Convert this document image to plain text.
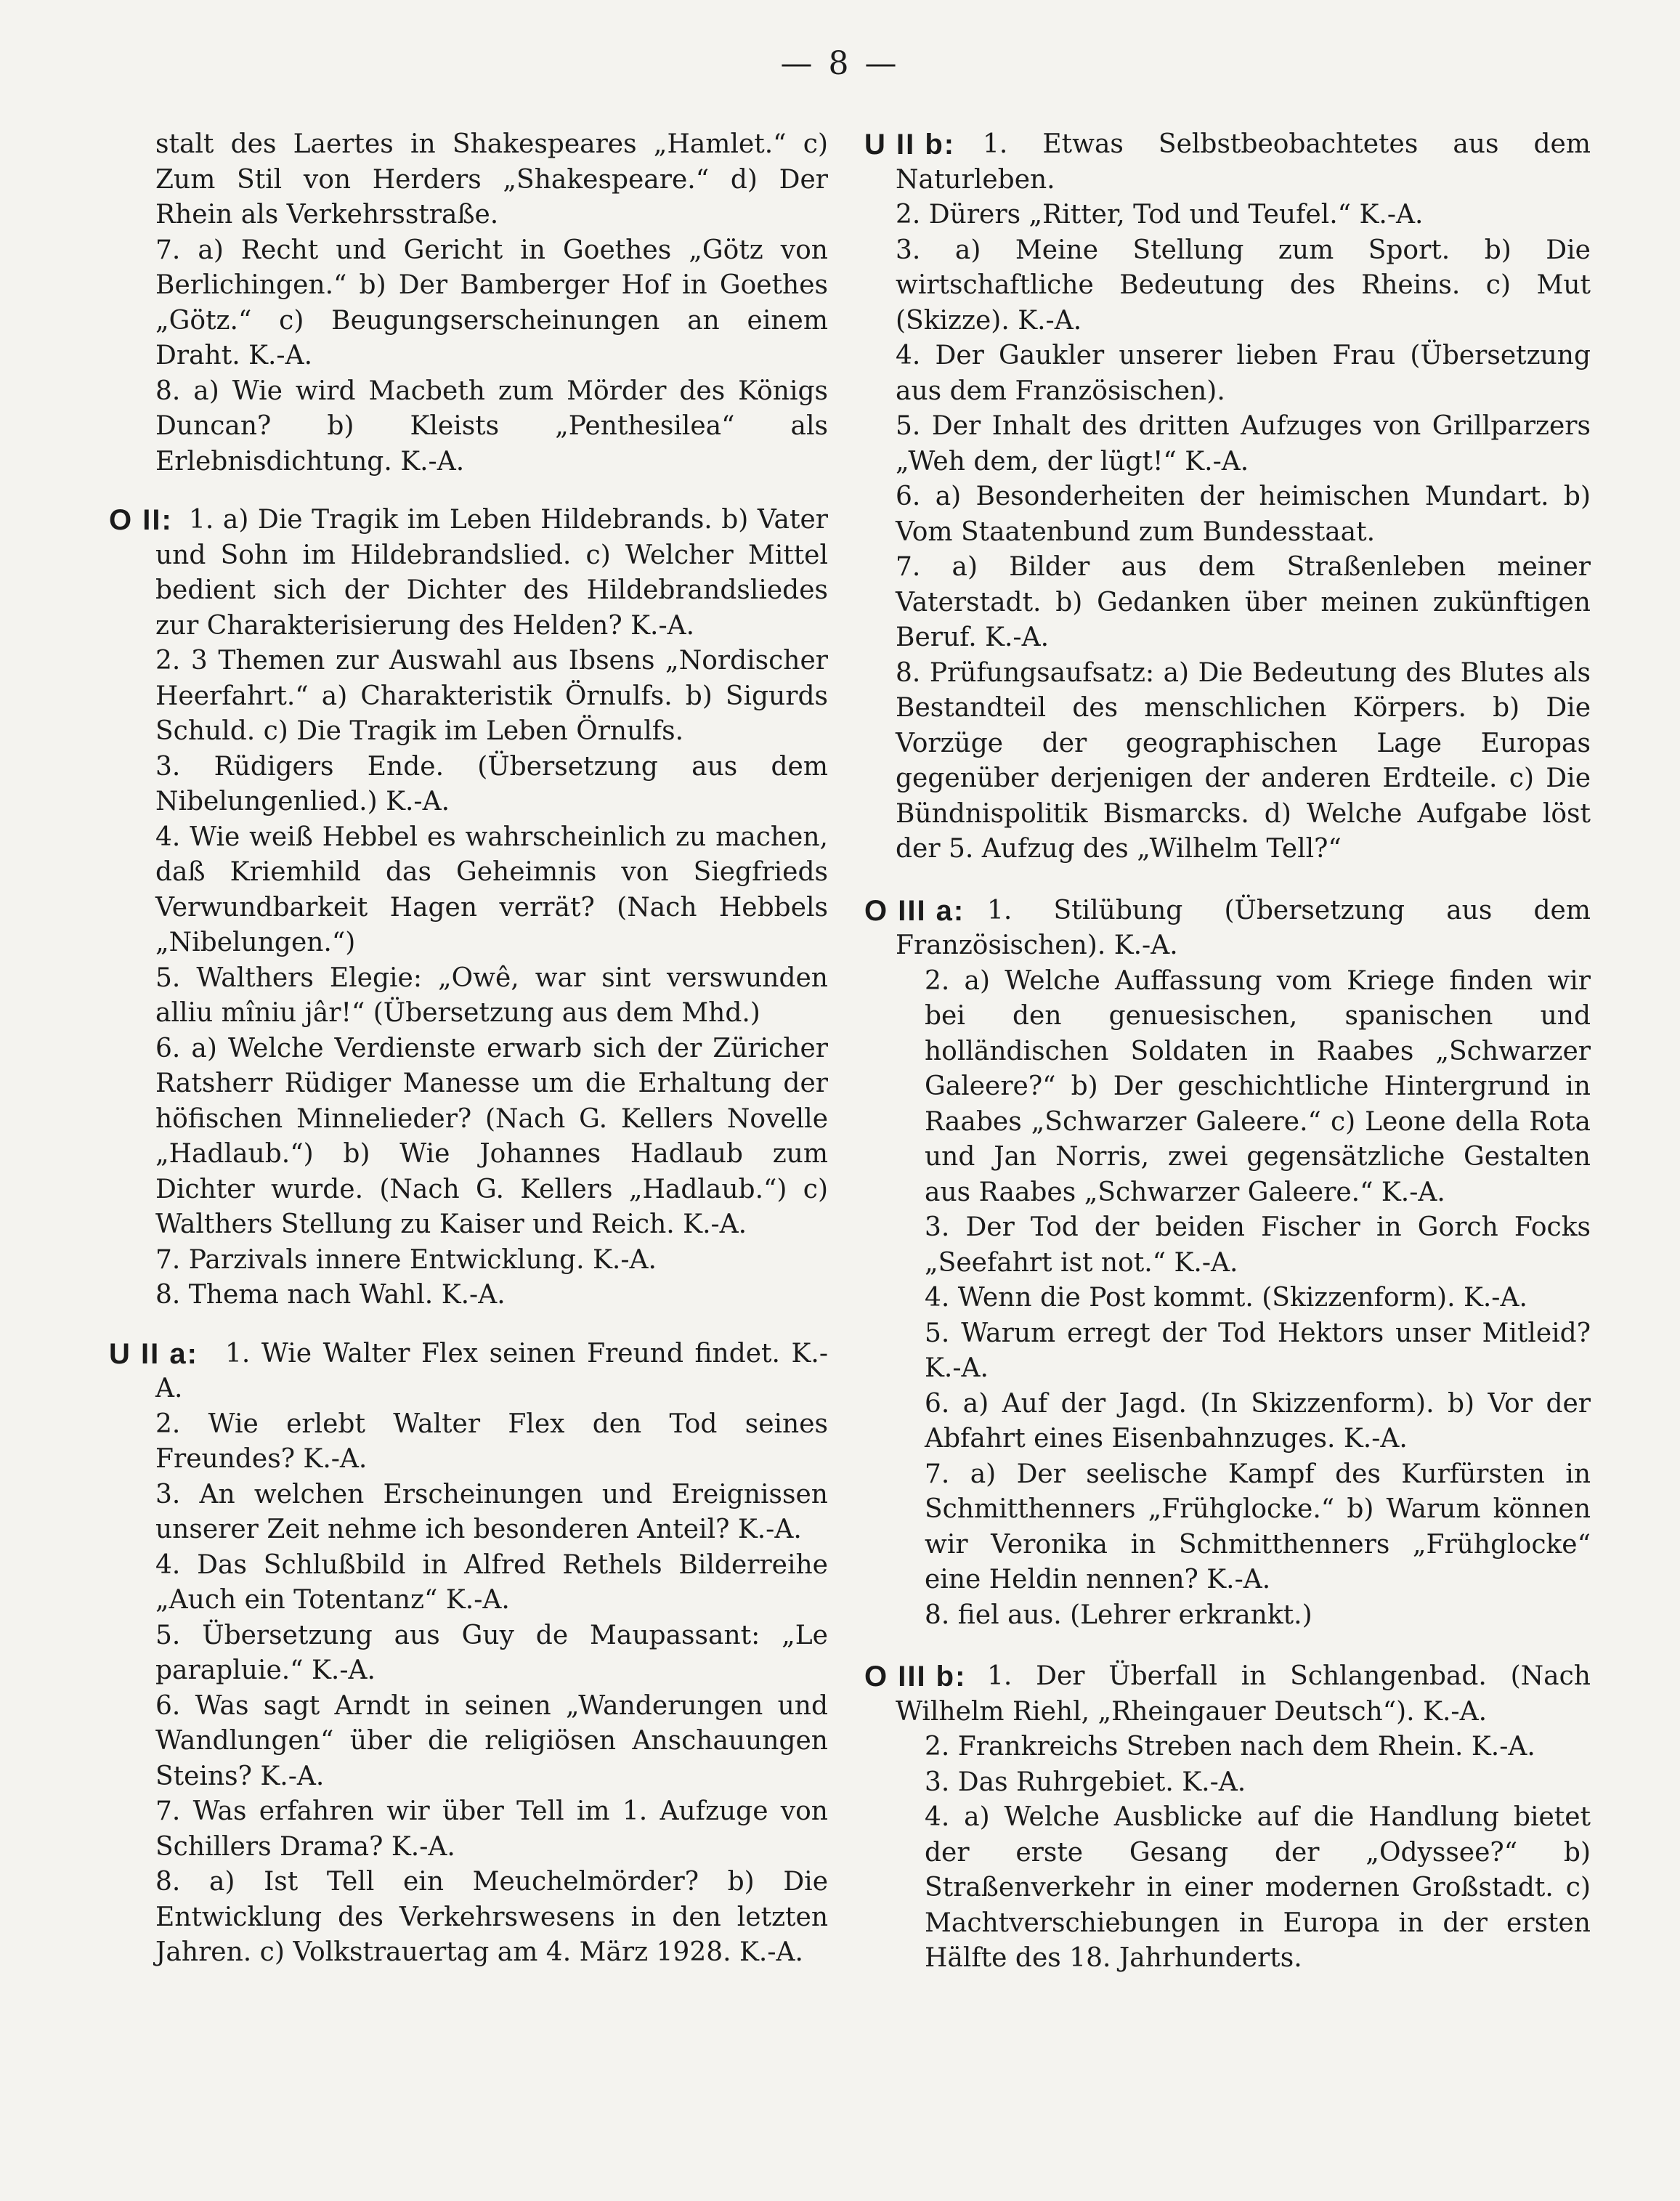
— 8 —

stalt des Laertes in Shakespeares „Hamlet.“ c) Zum Stil von Herders „Shakespeare.“ d) Der Rhein als Verkehrsstraße.

7. a) Recht und Gericht in Goethes „Götz von Berlichingen.“ b) Der Bamberger Hof in Goethes „Götz.“ c) Beugungserscheinungen an einem Draht. K.-A.

8. a) Wie wird Macbeth zum Mörder des Königs Duncan? b) Kleists „Penthesilea“ als Erlebnisdichtung. K.-A.

O II: 1. a) Die Tragik im Leben Hildebrands. b) Vater und Sohn im Hildebrandslied. c) Welcher Mittel bedient sich der Dichter des Hildebrandsliedes zur Charakterisierung des Helden? K.-A.

2. 3 Themen zur Auswahl aus Ibsens „Nordischer Heerfahrt.“ a) Charakteristik Örnulfs. b) Sigurds Schuld. c) Die Tragik im Leben Örnulfs.

3. Rüdigers Ende. (Übersetzung aus dem Nibelungenlied.) K.-A.

4. Wie weiß Hebbel es wahrscheinlich zu machen, daß Kriemhild das Geheimnis von Siegfrieds Verwundbarkeit Hagen verrät? (Nach Hebbels „Nibelungen.“)

5. Walthers Elegie: „Owê, war sint verswunden alliu mîniu jâr!“ (Übersetzung aus dem Mhd.)

6. a) Welche Verdienste erwarb sich der Züricher Ratsherr Rüdiger Manesse um die Erhaltung der höfischen Minnelieder? (Nach G. Kellers Novelle „Hadlaub.“) b) Wie Johannes Hadlaub zum Dichter wurde. (Nach G. Kellers „Hadlaub.“) c) Walthers Stellung zu Kaiser und Reich. K.-A.

7. Parzivals innere Entwicklung. K.-A.

8. Thema nach Wahl. K.-A.

U II a:	1. Wie Walter Flex seinen Freund findet. K.-A.

2. Wie erlebt Walter Flex den Tod seines Freundes? K.-A.

3. An welchen Erscheinungen und Ereignissen unserer Zeit nehme ich besonderen Anteil? K.-A.

4. Das Schlußbild in Alfred Rethels Bilderreihe „Auch ein Totentanz“ K.-A.

5. Übersetzung aus Guy de Maupassant: „Le parapluie.“ K.-A.

6. Was sagt Arndt in seinen „Wanderungen und Wandlungen“ über die religiösen Anschauungen Steins? K.-A.

7. Was erfahren wir über Tell im 1. Aufzuge von Schillers Drama? K.-A.

8. a) Ist Tell ein Meuchelmörder? b) Die Entwicklung des Verkehrswesens in den letzten Jahren. c) Volkstrauertag am 4. März 1928. K.-A.

U II b:	1. Etwas Selbstbeobachtetes aus dem Naturleben.

2. Dürers „Ritter, Tod und Teufel.“ K.-A.

3. a) Meine Stellung zum Sport. b) Die wirtschaftliche Bedeutung des Rheins. c) Mut (Skizze). K.-A.

4. Der Gaukler unserer lieben Frau (Übersetzung aus dem Französischen).

5. Der Inhalt des dritten Aufzuges von Grillparzers „Weh dem, der lügt!“ K.-A.

6. a) Besonderheiten der heimischen Mundart. b) Vom Staatenbund zum Bundesstaat.

7. a) Bilder aus dem Straßenleben meiner Vaterstadt. b) Gedanken über meinen zukünftigen Beruf. K.-A.

8. Prüfungsaufsatz: a) Die Bedeutung des Blutes als Bestandteil des menschlichen Körpers. b) Die Vorzüge der geographischen Lage Europas gegenüber derjenigen der anderen Erdteile. c) Die Bündnispolitik Bismarcks. d) Welche Aufgabe löst der 5. Aufzug des „Wilhelm Tell?“

O III a: 1. Stilübung (Übersetzung aus dem Französischen). K.-A.

2. a) Welche Auffassung vom Kriege finden wir bei den genuesischen, spanischen und holländischen Soldaten in Raabes „Schwarzer Galeere?“ b) Der geschichtliche Hintergrund in Raabes „Schwarzer Galeere.“ c) Leone della Rota und Jan Norris, zwei gegensätzliche Gestalten aus Raabes „Schwarzer Galeere.“ K.-A.

3. Der Tod der beiden Fischer in Gorch Focks „Seefahrt ist not.“ K.-A.

4. Wenn die Post kommt. (Skizzenform). K.-A.

5. Warum erregt der Tod Hektors unser Mitleid? K.-A.

6. a) Auf der Jagd. (In Skizzenform). b) Vor der Abfahrt eines Eisenbahnzuges. K.-A.

7. a) Der seelische Kampf des Kurfürsten in Schmitthenners „Frühglocke.“ b) Warum können wir Veronika in Schmitthenners „Frühglocke“ eine Heldin nennen? K.-A.

8. fiel aus. (Lehrer erkrankt.)

O III b: 1. Der Überfall in Schlangenbad. (Nach Wilhelm Riehl, „Rheingauer Deutsch“). K.-A.

2. Frankreichs Streben nach dem Rhein. K.-A.

3. Das Ruhrgebiet. K.-A.

4. a) Welche Ausblicke auf die Handlung bietet der erste Gesang der „Odyssee?“ b) Straßenverkehr in einer modernen Großstadt. c) Machtverschiebungen in Europa in der ersten Hälfte des 18. Jahrhunderts.
